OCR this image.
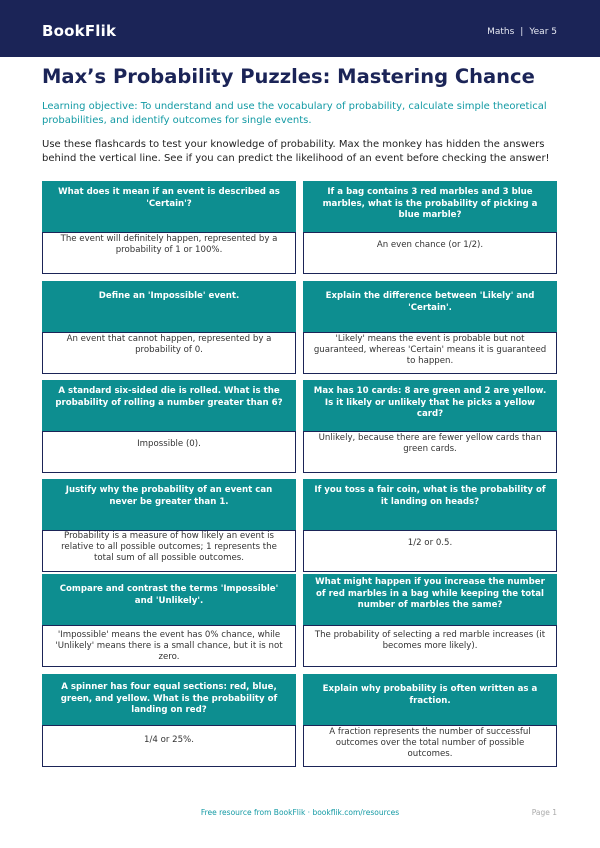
BookFlik	Maths | Year 5
Max’s Probability Puzzles: Mastering Chance

Learning objective: To understand and use the vocabulary of probability, calculate simple theoretical probabilities, and identify outcomes for single events.

Use these flashcards to test your knowledge of probability. Max the monkey has hidden the answers behind the vertical line. See if you can predict the likelihood of an event before checking the answer!

What does it mean if an event is described as 'Certain'?
The event will definitely happen, represented by a probability of 1 or 100%.
If a bag contains 3 red marbles and 3 blue marbles, what is the probability of picking a blue marble?
An even chance (or 1/2).
Define an 'Impossible' event.
An event that cannot happen, represented by a probability of 0.
Explain the difference between 'Likely' and 'Certain'.
'Likely' means the event is probable but not guaranteed, whereas 'Certain' means it is guaranteed to happen.
A standard six-sided die is rolled. What is the probability of rolling a number greater than 6?
Impossible (0).
Max has 10 cards: 8 are green and 2 are yellow. Is it likely or unlikely that he picks a yellow card?
Unlikely, because there are fewer yellow cards than green cards.
Justify why the probability of an event can never be greater than 1.
Probability is a measure of how likely an event is relative to all possible outcomes; 1 represents the total sum of all possible outcomes.
If you toss a fair coin, what is the probability of it landing on heads?
1/2 or 0.5.
Compare and contrast the terms 'Impossible' and 'Unlikely'.
'Impossible' means the event has 0% chance, while 'Unlikely' means there is a small chance, but it is not zero.
What might happen if you increase the number of red marbles in a bag while keeping the total number of marbles the same?
The probability of selecting a red marble increases (it becomes more likely).
A spinner has four equal sections: red, blue, green, and yellow. What is the probability of landing on red?
1/4 or 25%.
Explain why probability is often written as a fraction.
A fraction represents the number of successful outcomes over the total number of possible outcomes.
Free resource from BookFlik · bookflik.com/resources	Page 1
